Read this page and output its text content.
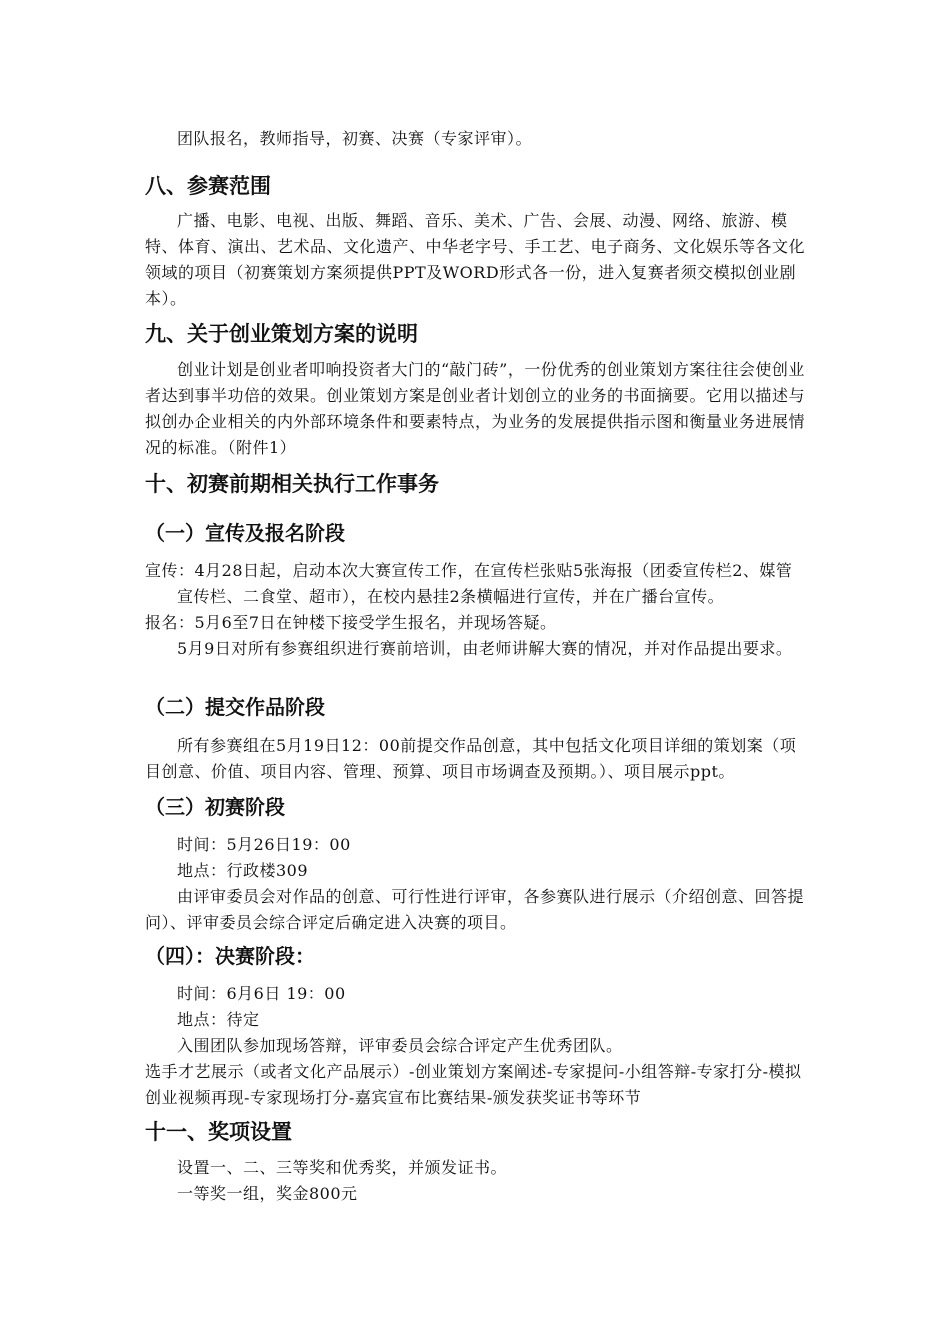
团队报名，教师指导，初赛、决赛（专家评审）。

八、参赛范围

广播、电影、电视、出版、舞蹈、音乐、美术、广告、会展、动漫、网络、旅游、模特、体育、演出、艺术品、文化遗产、中华老字号、手工艺、电子商务、文化娱乐等各文化领域的项目（初赛策划方案须提供PPT及WORD形式各一份，进入复赛者须交模拟创业剧本）。

九、关于创业策划方案的说明

创业计划是创业者叩响投资者大门的“敲门砖”，一份优秀的创业策划方案往往会使创业者达到事半功倍的效果。创业策划方案是创业者计划创立的业务的书面摘要。它用以描述与拟创办企业相关的内外部环境条件和要素特点，为业务的发展提供指示图和衡量业务进展情况的标准。（附件1）

十、初赛前期相关执行工作事务
（一）宣传及报名阶段

宣传：4月28日起，启动本次大赛宣传工作，在宣传栏张贴5张海报（团委宣传栏2、媒管宣传栏、二食堂、超市），在校内悬挂2条横幅进行宣传，并在广播台宣传。

报名：5月6至7日在钟楼下接受学生报名，并现场答疑。

5月9日对所有参赛组织进行赛前培训，由老师讲解大赛的情况，并对作品提出要求。

（二）提交作品阶段

所有参赛组在5月19日12：00前提交作品创意，其中包括文化项目详细的策划案（项目创意、价值、项目内容、管理、预算、项目市场调查及预期。）、项目展示ppt。

（三）初赛阶段

时间：5月26日19：00

地点：行政楼309

由评审委员会对作品的创意、可行性进行评审，各参赛队进行展示（介绍创意、回答提问）、评审委员会综合评定后确定进入决赛的项目。

（四）：决赛阶段：

时间：6月6日 19：00

地点：待定

入围团队参加现场答辩，评审委员会综合评定产生优秀团队。

选手才艺展示（或者文化产品展示）-创业策划方案阐述-专家提问-小组答辩-专家打分-模拟创业视频再现-专家现场打分-嘉宾宣布比赛结果-颁发获奖证书等环节

十一、奖项设置

设置一、二、三等奖和优秀奖，并颁发证书。

一等奖一组，奖金800元
